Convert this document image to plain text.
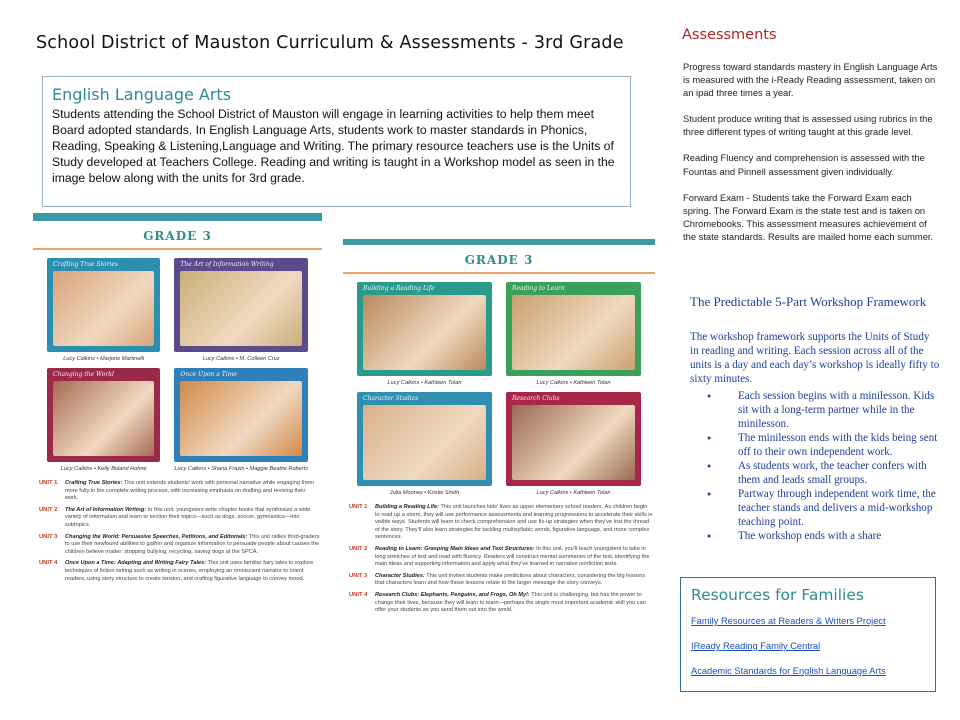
School District of Mauston Curriculum & Assessments - 3rd Grade
English Language Arts

Students attending the School District of Mauston will engage in learning activities to help them meet Board adopted standards. In English Language Arts, students work to master standards in Phonics, Reading, Speaking & Listening,Language and Writing. The primary resource teachers use is the Units of Study developed at Teachers College. Reading and writing is taught in a Workshop model as seen in the image below along with the units for 3rd grade.

GRADE 3
Crafting True Stories
Lucy Calkins • Marjorie Martinelli
The Art of Information Writing
Lucy Calkins • M. Colleen Cruz
Changing the World
Lucy Calkins • Kelly Boland Hohne
Once Upon a Time
Lucy Calkins • Shana Frazin • Maggie Beattie Roberts
UNIT 1	Crafting True Stories: This unit extends students' work with personal narrative while engaging them more fully in the complete writing process, with increasing emphasis on drafting and revising their work.
UNIT 2	The Art of Information Writing: In this unit, youngsters write chapter books that synthesize a wide variety of information and learn to section their topics—such as dogs, soccer, gymnastics—into subtopics.
UNIT 3	Changing the World: Persuasive Speeches, Petitions, and Editorials: This unit rallies third-graders to use their newfound abilities to gather and organize information to persuade people about causes the children believe matter: stopping bullying, recycling, saving dogs at the SPCA.
UNIT 4	Once Upon a Time: Adapting and Writing Fairy Tales: This unit uses familiar fairy tales to explore techniques of fiction writing such as writing in scenes, employing an omniscient narrator to orient readers, using story structure to create tension, and crafting figurative language to convey mood.
GRADE 3
Building a Reading Life
Lucy Calkins • Kathleen Tolan
Reading to Learn
Lucy Calkins • Kathleen Tolan
Character Studies
Julia Mooney • Kristie Smith
Research Clubs
Lucy Calkins • Kathleen Tolan
UNIT 1	Building a Reading Life: This unit launches kids' lives as upper elementary school readers. As children begin to read up a storm, they will use performance assessments and learning progressions to accelerate their skills in visible ways. Students will learn to check comprehension and use fix-up strategies when they've lost the thread of the story. They'll also learn strategies for tackling multisyllabic words, figurative language, and more complex sentences.
UNIT 2	Reading to Learn: Grasping Main Ideas and Text Structures: In this unit, you'll teach youngsters to take in long stretches of text and read with fluency. Readers will construct mental summaries of the text, identifying the main ideas and supporting information and apply what they've learned in narrative nonfiction texts.
UNIT 3	Character Studies: This unit invites students make predictions about characters, considering the big lessons that characters learn and how those lessons relate to the larger message the story conveys.
UNIT 4	Research Clubs: Elephants, Penguins, and Frogs, Oh My!: This unit is challenging, but has the power to change their lives, because they will learn to learn—perhaps the single most important academic skill you can offer your students as you send them out into the world.
Assessments

Progress toward standards mastery in English Language Arts is measured with the i-Ready Reading assessment, taken on an ipad three times a year.

Student produce writing that is assessed using rubrics in the three different types of writing taught at this grade level.

Reading Fluency and comprehension is assessed with the Fountas and Pinnell assessment given individually.

Forward Exam - Students take the Forward Exam each spring. The Forward Exam is the state test and is taken on Chromebooks. This assessment measures achievement of the state standards. Results are mailed home each summer.

The Predictable 5-Part Workshop Framework

The workshop framework supports the Units of Study in reading and writing. Each session across all of the units is a day and each day’s workshop is ideally fifty to sixty minutes.

● Each session begins with a minilesson. Kids sit with a long-term partner while in the minilesson.
● The minilesson ends with the kids being sent off to their own independent work.
● As students work, the teacher confers with them and leads small groups.
● Partway through independent work time, the teacher stands and delivers a mid-workshop teaching point.
● The workshop ends with a share
Resources for Families
Family Resources at Readers & Writers Project
IReady Reading Family Central
Academic Standards for English Language Arts
